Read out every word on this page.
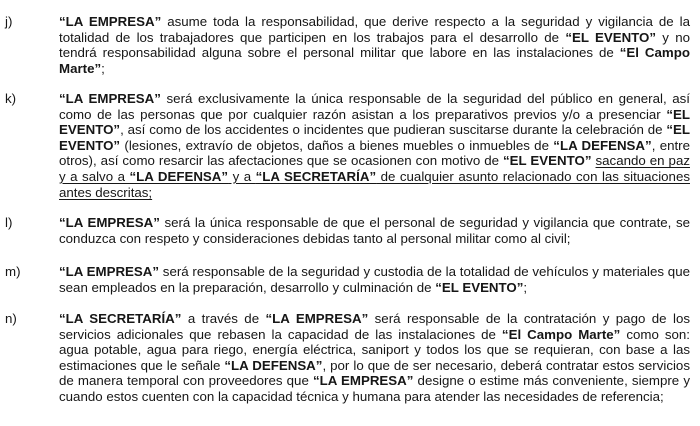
j)	“LA EMPRESA” asume toda la responsabilidad, que derive respecto a la seguridad y vigilancia de la totalidad de los trabajadores que participen en los trabajos para el desarrollo de “EL EVENTO” y no tendrá responsabilidad alguna sobre el personal militar que labore en las instalaciones de “El Campo Marte”;

k)	“LA EMPRESA” será exclusivamente la única responsable de la seguridad del público en general, así como de las personas que por cualquier razón asistan a los preparativos previos y/o a presenciar “EL EVENTO”, así como de los accidentes o incidentes que pudieran suscitarse durante la celebración de “EL EVENTO” (lesiones, extravío de objetos, daños a bienes muebles o inmuebles de “LA DEFENSA”, entre otros), así como resarcir las afectaciones que se ocasionen con motivo de “EL EVENTO” sacando en paz y a salvo a “LA DEFENSA” y a “LA SECRETARÍA” de cualquier asunto relacionado con las situaciones antes descritas;

l)	“LA EMPRESA” será la única responsable de que el personal de seguridad y vigilancia que contrate, se conduzca con respeto y consideraciones debidas tanto al personal militar como al civil;

m)	“LA EMPRESA” será responsable de la seguridad y custodia de la totalidad de vehículos y materiales que sean empleados en la preparación, desarrollo y culminación de “EL EVENTO”;

n)	“LA SECRETARÍA” a través de “LA EMPRESA” será responsable de la contratación y pago de los servicios adicionales que rebasen la capacidad de las instalaciones de “El Campo Marte” como son: agua potable, agua para riego, energía eléctrica, saniport y todos los que se requieran, con base a las estimaciones que le señale “LA DEFENSA”, por lo que de ser necesario, deberá contratar estos servicios de manera temporal con proveedores que “LA EMPRESA” designe o estime más conveniente, siempre y cuando estos cuenten con la capacidad técnica y humana para atender las necesidades de referencia;
